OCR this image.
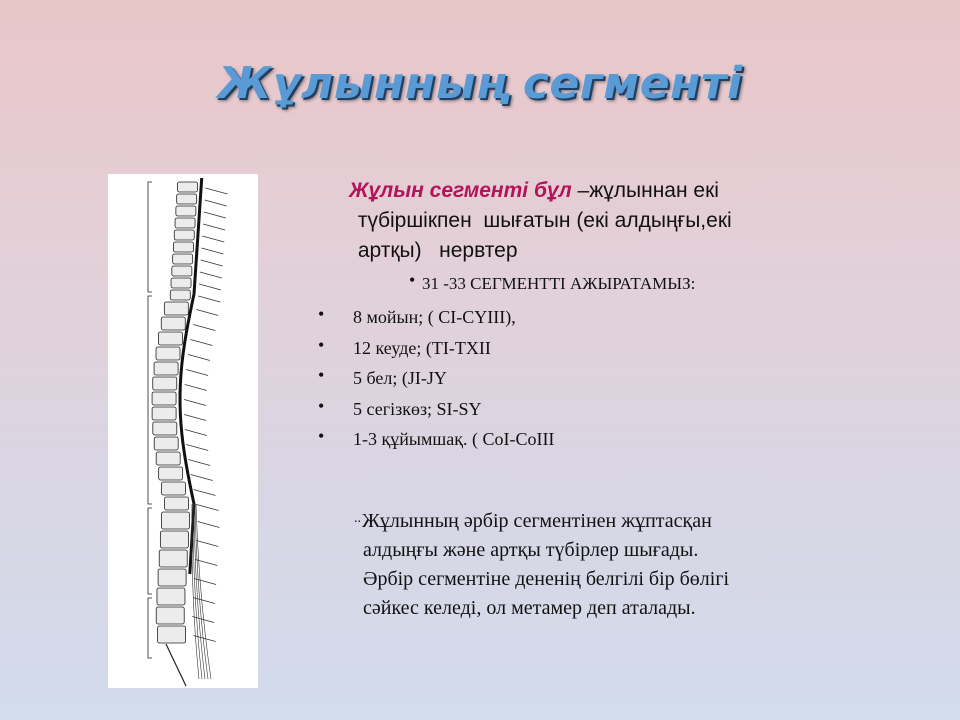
Жұлынның сегменті
Жұлын сегменті бұл –жұлыннан екі
түбіршікпен  шығатын (екі алдыңғы,екі
артқы)   нервтер
• 31 -33 СЕГМЕНТТІ АЖЫРАТАМЫЗ:
• 8 мойын; ( СI-СYIII),
• 12 кеуде; (ТI-ТXII
• 5 бел; (JI-JY
• 5 сегізкөз; SI-SY
• 1-3 құйымшақ. ( CoI-CoIII
..Жұлынның әрбір сегментінен жұптасқан
алдыңғы және артқы түбірлер шығады.
Әрбір сегментіне дененің белгілі бір бөлігі
сәйкес келеді, ол метамер деп аталады.
